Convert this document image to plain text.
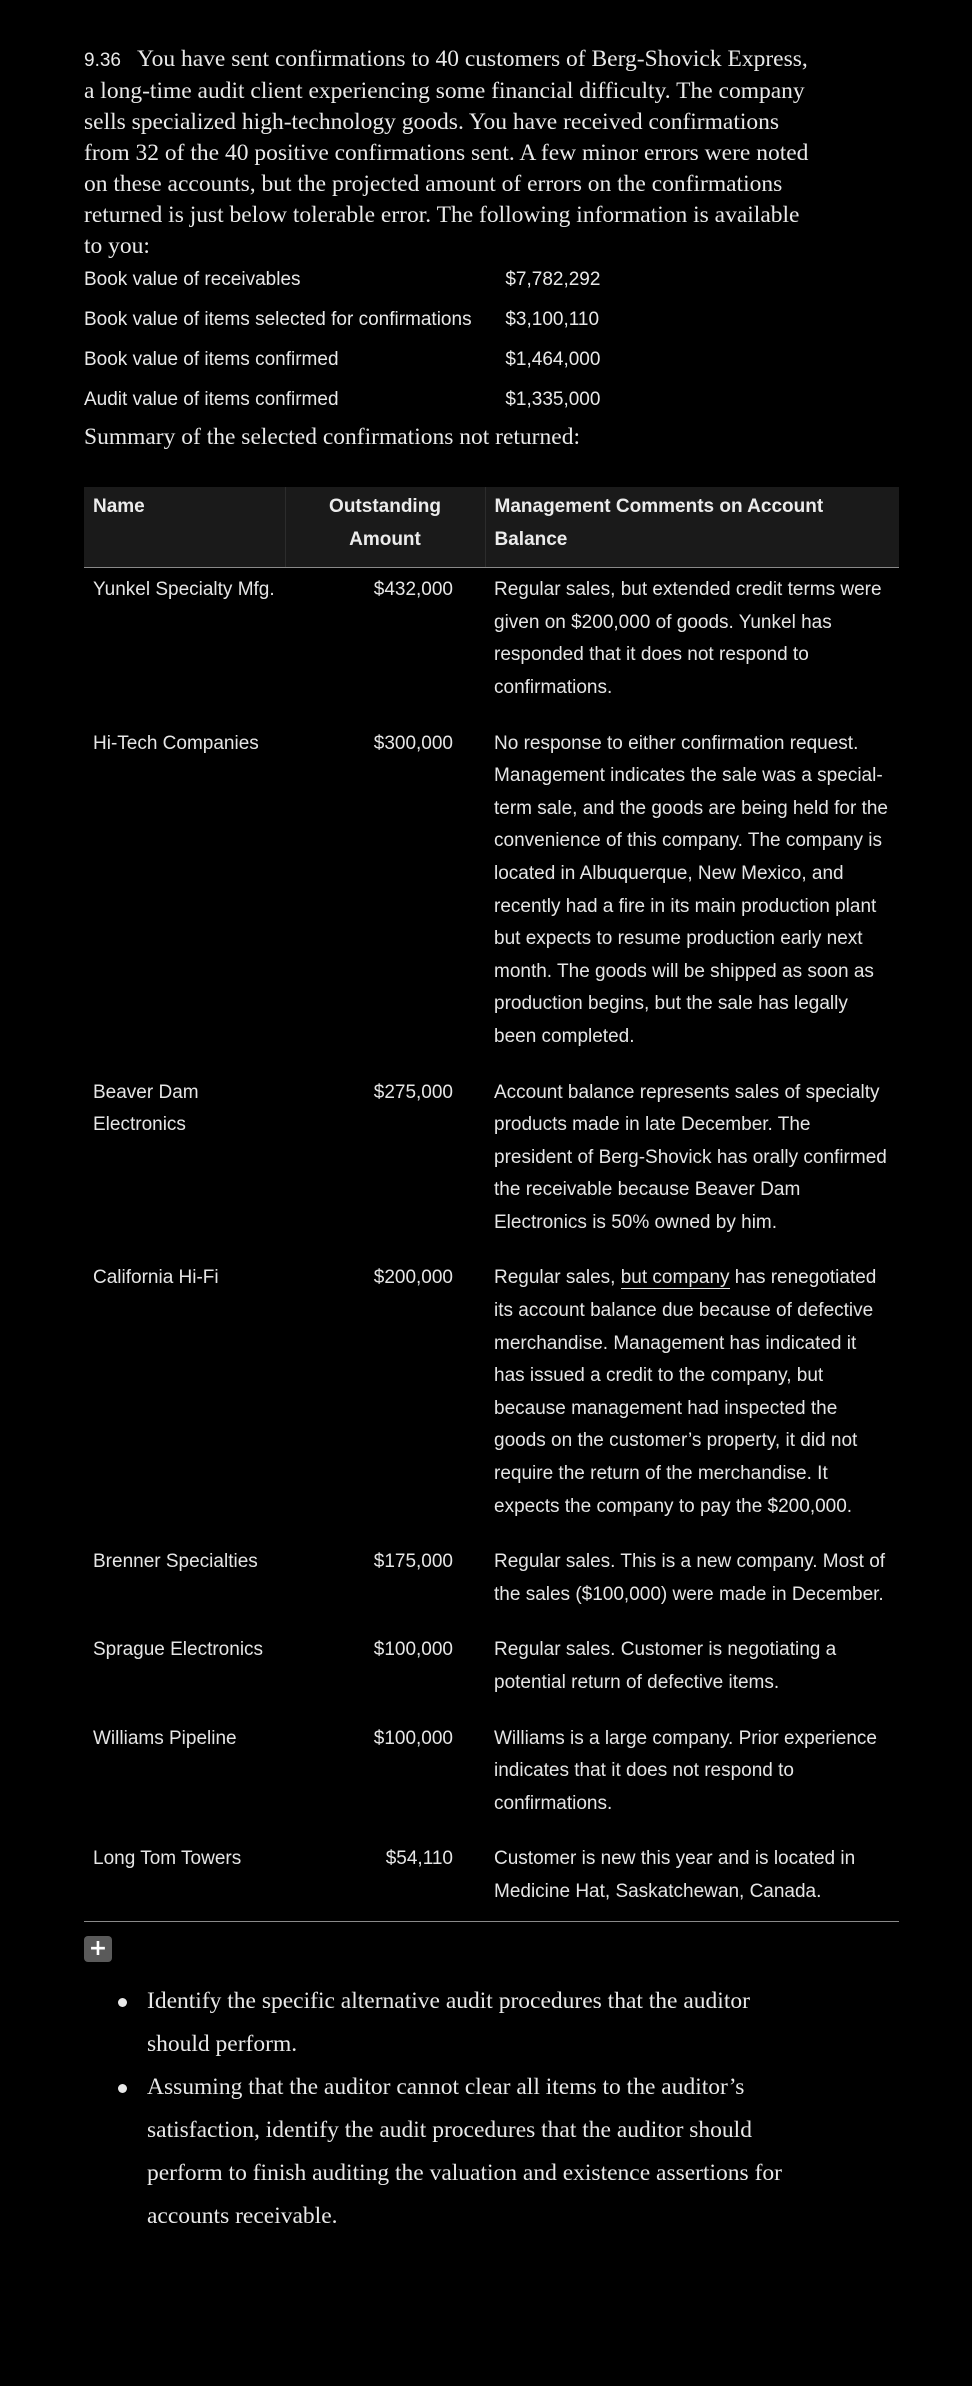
9.36 You have sent confirmations to 40 customers of Berg-Shovick Express, a long-time audit client experiencing some financial difficulty. The company sells specialized high-technology goods. You have received confirmations from 32 of the 40 positive confirmations sent. A few minor errors were noted on these accounts, but the projected amount of errors on the confirmations returned is just below tolerable error. The following information is available to you:

Book value of receivables	$7,782,292
Book value of items selected for confirmations	$3,100,110
Book value of items confirmed	$1,464,000
Audit value of items confirmed	$1,335,000

Summary of the selected confirmations not returned:

Name	Outstanding Amount	Management Comments on Account Balance
Yunkel Specialty Mfg.	$432,000	Regular sales, but extended credit terms were given on $200,000 of goods. Yunkel has responded that it does not respond to confirmations.
Hi-Tech Companies	$300,000	No response to either confirmation request. Management indicates the sale was a special-term sale, and the goods are being held for the convenience of this company. The company is located in Albuquerque, New Mexico, and recently had a fire in its main production plant but expects to resume production early next month. The goods will be shipped as soon as production begins, but the sale has legally been completed.
Beaver Dam Electronics	$275,000	Account balance represents sales of specialty products made in late December. The president of Berg-Shovick has orally confirmed the receivable because Beaver Dam Electronics is 50% owned by him.
California Hi-Fi	$200,000	Regular sales, but company has renegotiated its account balance due because of defective merchandise. Management has indicated it has issued a credit to the company, but because management had inspected the goods on the customer’s property, it did not require the return of the merchandise. It expects the company to pay the $200,000.
Brenner Specialties	$175,000	Regular sales. This is a new company. Most of the sales ($100,000) were made in December.
Sprague Electronics	$100,000	Regular sales. Customer is negotiating a potential return of defective items.
Williams Pipeline	$100,000	Williams is a large company. Prior experience indicates that it does not respond to confirmations.
Long Tom Towers	$54,110	Customer is new this year and is located in Medicine Hat, Saskatchewan, Canada.
+
Identify the specific alternative audit procedures that the auditor should perform.
Assuming that the auditor cannot clear all items to the auditor’s satisfaction, identify the audit procedures that the auditor should perform to finish auditing the valuation and existence assertions for accounts receivable.
